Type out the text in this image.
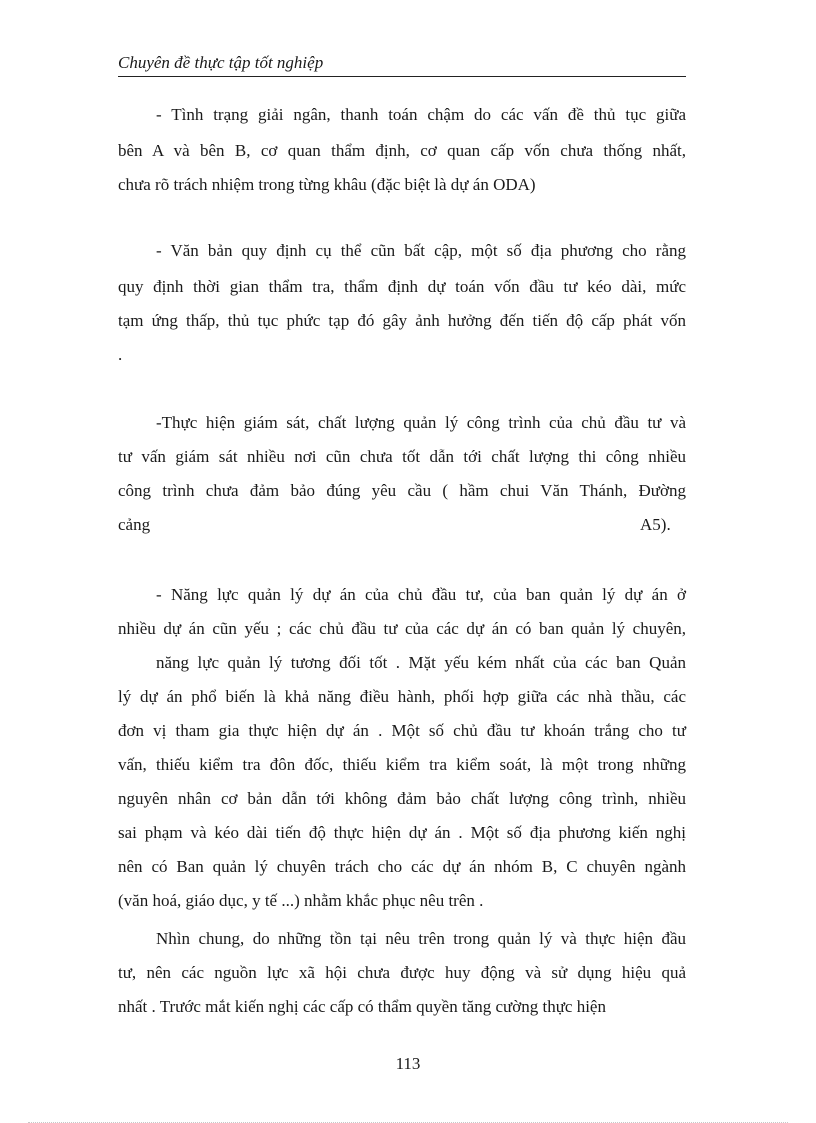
Chuyên đề thực tập tốt nghiệp
- Tình trạng giải ngân, thanh toán chậm do các vấn đề thủ tục giữa
bên A và bên B, cơ quan thẩm định, cơ quan cấp vốn chưa thống nhất,
chưa rõ trách nhiệm trong từng khâu (đặc biệt là dự án ODA)
- Văn bản quy định cụ thể cũn bất cập, một số địa phương cho rằng
quy định thời gian thẩm tra, thẩm định dự toán vốn đầu tư kéo dài, mức
tạm ứng thấp, thủ tục phức tạp đó gây ảnh hưởng đến tiến độ cấp phát vốn
.
-Thực hiện giám sát, chất lượng quản lý công trình của chủ đầu tư và
tư vấn giám sát nhiều nơi cũn chưa tốt dẫn tới chất lượng thi công nhiều
công trình chưa đảm bảo đúng yêu cầu ( hầm chui Văn Thánh, Đường
cảng	A5).
- Năng lực quản lý dự án của chủ đầu tư, của ban quản lý dự án ở
nhiều dự án cũn yếu ; các chủ đầu tư của các dự án có ban quản lý chuyên,
năng lực quản lý tương đối tốt . Mặt yếu kém nhất của các ban Quản
lý dự án phổ biến là khả năng điều hành, phối hợp giữa các nhà thầu, các
đơn vị tham gia thực hiện dự án . Một số chủ đầu tư khoán trắng cho tư
vấn, thiếu kiểm tra đôn đốc, thiếu kiểm tra kiểm soát, là một trong những
nguyên nhân cơ bản dẫn tới không đảm bảo chất lượng công trình, nhiều
sai phạm và kéo dài tiến độ thực hiện dự án . Một số địa phương kiến nghị
nên có Ban quản lý chuyên trách cho các dự án nhóm B, C chuyên ngành
(văn hoá, giáo dục, y tế ...) nhằm khắc phục nêu trên .
Nhìn chung, do những tồn tại nêu trên trong quản lý và thực hiện đầu
tư, nên các nguồn lực xã hội chưa được huy động và sử dụng hiệu quả
nhất . Trước mắt kiến nghị các cấp có thẩm quyền tăng cường thực hiện
113
